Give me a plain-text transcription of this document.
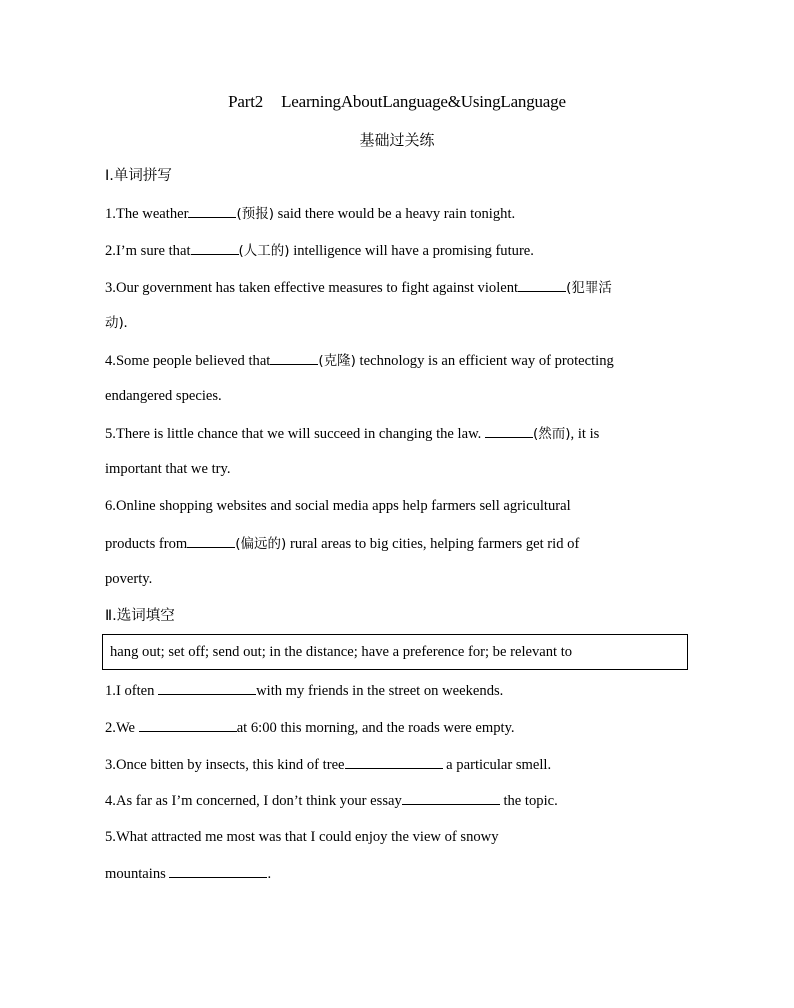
Part2 LearningAboutLanguage&UsingLanguage
基础过关练
Ⅰ.单词拼写
1.The weather	(预报) said there would be a heavy rain tonight.
2.I’m sure that	(人工的) intelligence will have a promising future.
3.Our government has taken effective measures to fight against violent	(犯罪活
动).
4.Some people believed that	(克隆) technology is an efficient way of protecting
endangered species.
5.There is little chance that we will succeed in changing the law.	(然而), it is
important that we try.
6.Online shopping websites and social media apps help farmers sell agricultural
products from	(偏远的) rural areas to big cities, helping farmers get rid of
poverty.
Ⅱ.选词填空
hang out; set off; send out; in the distance; have a preference for; be relevant to
1.I often	with my friends in the street on weekends.
2.We	at 6:00 this morning, and the roads were empty.
3.Once bitten by insects, this kind of tree	a particular smell.
4.As far as I’m concerned, I don’t think your essay	the topic.
5.What attracted me most was that I could enjoy the view of snowy
mountains	.
